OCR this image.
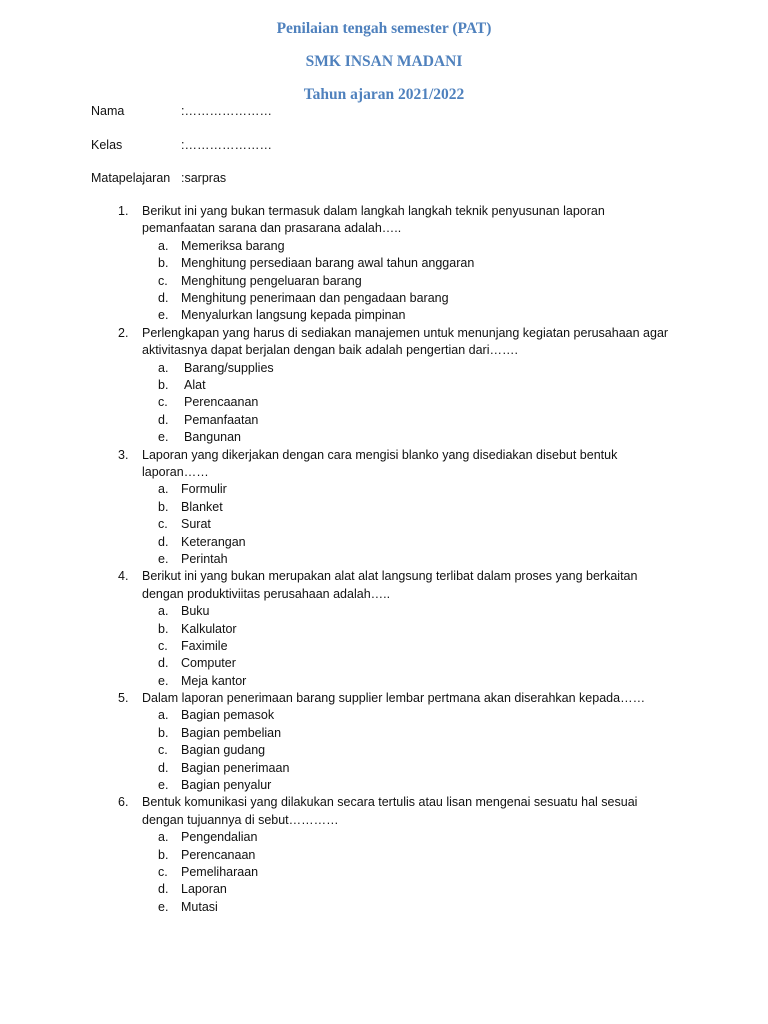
Penilaian tengah semester (PAT)
SMK INSAN MADANI
Tahun ajaran 2021/2022
Nama	:…………………
Kelas	:…………………
Matapelajaran :sarpras
1. Berikut ini yang bukan termasuk dalam langkah langkah teknik penyusunan laporan pemanfaatan sarana dan prasarana adalah…..
a. Memeriksa barang
b. Menghitung persediaan barang awal tahun anggaran
c. Menghitung pengeluaran barang
d. Menghitung penerimaan dan pengadaan barang
e. Menyalurkan langsung kepada pimpinan
2. Perlengkapan yang harus di sediakan manajemen untuk menunjang kegiatan perusahaan agar aktivitasnya dapat berjalan dengan baik adalah pengertian dari…….
a. Barang/supplies
b. Alat
c. Perencaanan
d. Pemanfaatan
e. Bangunan
3. Laporan yang dikerjakan dengan cara mengisi blanko yang disediakan disebut bentuk laporan……
a. Formulir
b. Blanket
c. Surat
d. Keterangan
e. Perintah
4. Berikut ini yang bukan merupakan alat alat langsung terlibat dalam proses yang berkaitan dengan produktiviitas perusahaan adalah…..
a. Buku
b. Kalkulator
c. Faximile
d. Computer
e. Meja kantor
5. Dalam laporan penerimaan barang supplier lembar pertmana akan diserahkan kepada……
a. Bagian pemasok
b. Bagian pembelian
c. Bagian gudang
d. Bagian penerimaan
e. Bagian penyalur
6. Bentuk komunikasi yang dilakukan secara tertulis atau lisan mengenai sesuatu hal sesuai dengan tujuannya di sebut…………
a. Pengendalian
b. Perencanaan
c. Pemeliharaan
d. Laporan
e. Mutasi
